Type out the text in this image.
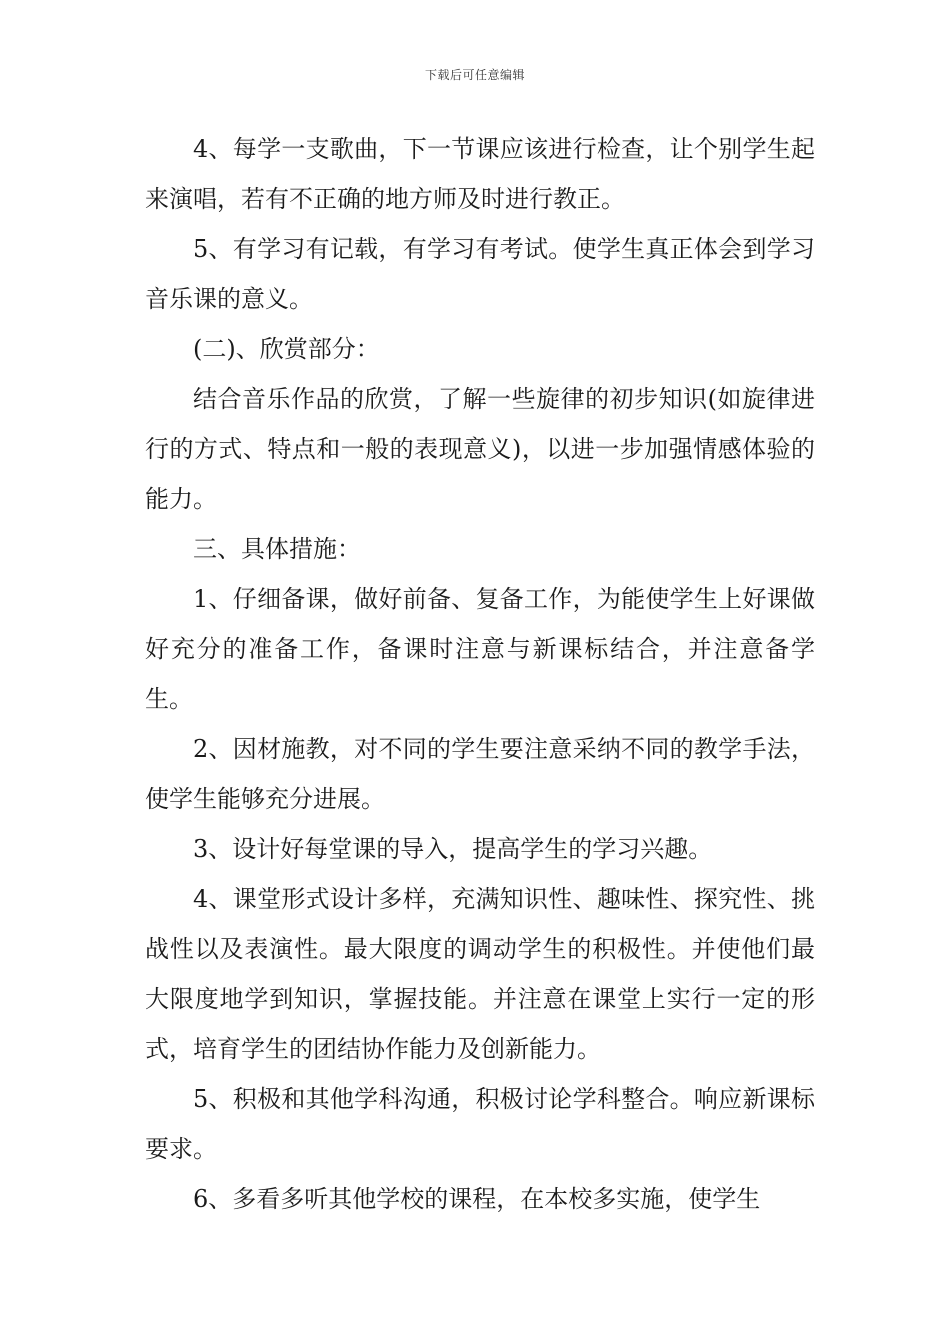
下载后可任意编辑

4、每学一支歌曲，下一节课应该进行检查，让个别学生起来演唱，若有不正确的地方师及时进行教正。

5、有学习有记载，有学习有考试。使学生真正体会到学习音乐课的意义。

(二)、欣赏部分：

结合音乐作品的欣赏，了解一些旋律的初步知识(如旋律进行的方式、特点和一般的表现意义)，以进一步加强情感体验的能力。

三、具体措施：

1、仔细备课，做好前备、复备工作，为能使学生上好课做好充分的准备工作，备课时注意与新课标结合，并注意备学生。

2、因材施教，对不同的学生要注意采纳不同的教学手法，使学生能够充分进展。

3、设计好每堂课的导入，提高学生的学习兴趣。

4、课堂形式设计多样，充满知识性、趣味性、探究性、挑战性以及表演性。最大限度的调动学生的积极性。并使他们最大限度地学到知识，掌握技能。并注意在课堂上实行一定的形式，培育学生的团结协作能力及创新能力。

5、积极和其他学科沟通，积极讨论学科整合。响应新课标要求。

6、多看多听其他学校的课程，在本校多实施，使学生
